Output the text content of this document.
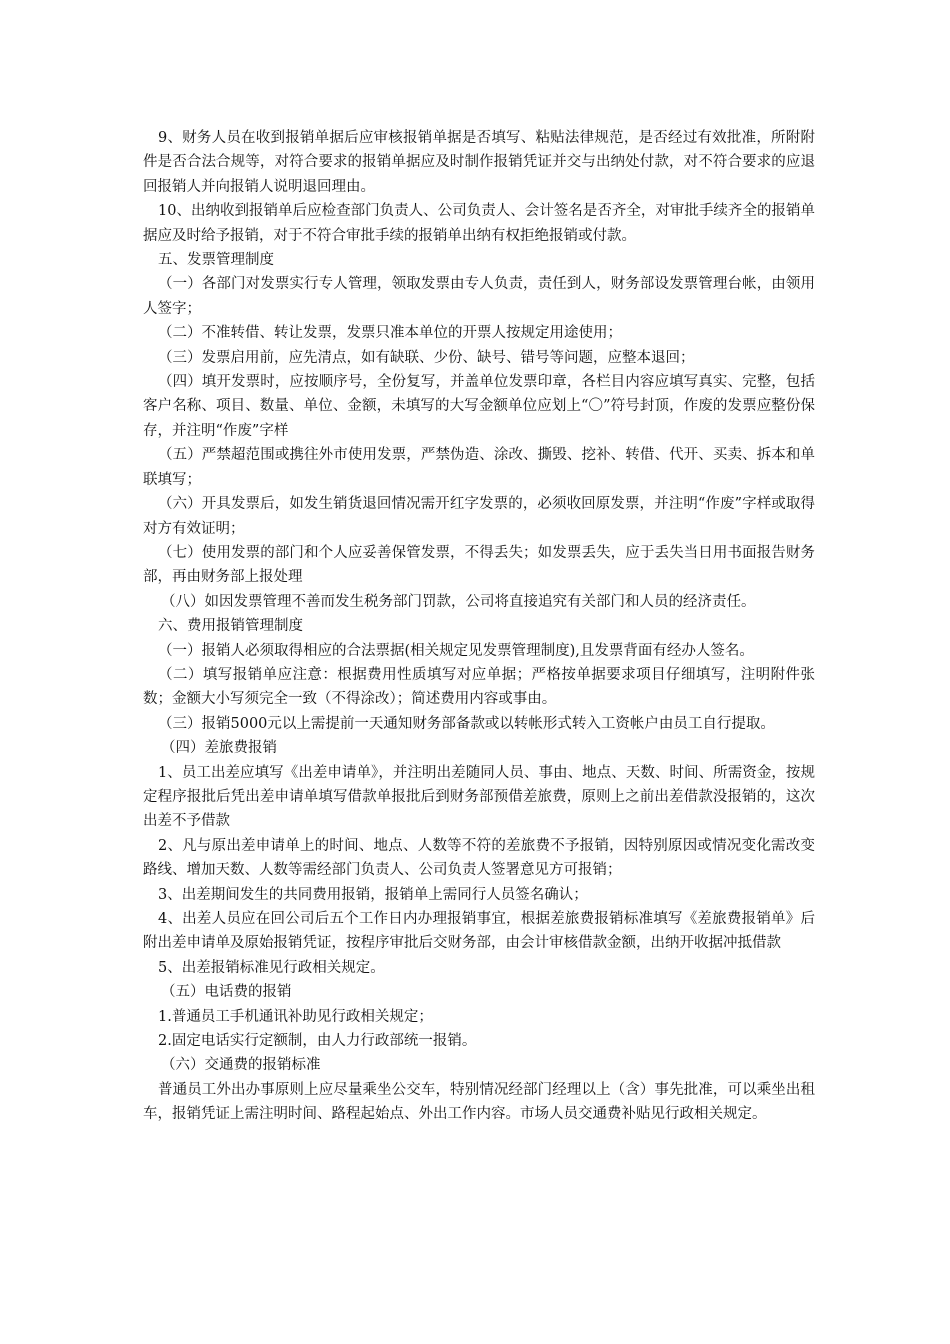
9、财务人员在收到报销单据后应审核报销单据是否填写、粘贴法律规范，是否经过有效批准，所附附件是否合法合规等，对符合要求的报销单据应及时制作报销凭证并交与出纳处付款，对不符合要求的应退回报销人并向报销人说明退回理由。

10、出纳收到报销单后应检查部门负责人、公司负责人、会计签名是否齐全，对审批手续齐全的报销单据应及时给予报销，对于不符合审批手续的报销单出纳有权拒绝报销或付款。

五、发票管理制度

（一）各部门对发票实行专人管理，领取发票由专人负责，责任到人，财务部设发票管理台帐，由领用人签字；

（二）不准转借、转让发票，发票只准本单位的开票人按规定用途使用；

（三）发票启用前，应先清点，如有缺联、少份、缺号、错号等问题，应整本退回；

（四）填开发票时，应按顺序号，全份复写，并盖单位发票印章，各栏目内容应填写真实、完整，包括客户名称、项目、数量、单位、金额，未填写的大写金额单位应划上“〇”符号封顶，作废的发票应整份保存，并注明“作废”字样

（五）严禁超范围或携往外市使用发票，严禁伪造、涂改、撕毁、挖补、转借、代开、买卖、拆本和单联填写；

（六）开具发票后，如发生销货退回情况需开红字发票的，必须收回原发票，并注明“作废”字样或取得对方有效证明；

（七）使用发票的部门和个人应妥善保管发票，不得丢失；如发票丢失，应于丢失当日用书面报告财务部，再由财务部上报处理

（八）如因发票管理不善而发生税务部门罚款，公司将直接追究有关部门和人员的经济责任。

六、费用报销管理制度

（一）报销人必须取得相应的合法票据(相关规定见发票管理制度),且发票背面有经办人签名。

（二）填写报销单应注意：根据费用性质填写对应单据；严格按单据要求项目仔细填写，注明附件张数；金额大小写须完全一致（不得涂改）；简述费用内容或事由。

（三）报销5000元以上需提前一天通知财务部备款或以转帐形式转入工资帐户由员工自行提取。

（四）差旅费报销

1、员工出差应填写《出差申请单》，并注明出差随同人员、事由、地点、天数、时间、所需资金，按规定程序报批后凭出差申请单填写借款单报批后到财务部预借差旅费，原则上之前出差借款没报销的，这次出差不予借款

2、凡与原出差申请单上的时间、地点、人数等不符的差旅费不予报销，因特别原因或情况变化需改变路线、增加天数、人数等需经部门负责人、公司负责人签署意见方可报销；

3、出差期间发生的共同费用报销，报销单上需同行人员签名确认；

4、出差人员应在回公司后五个工作日内办理报销事宜，根据差旅费报销标准填写《差旅费报销单》后附出差申请单及原始报销凭证，按程序审批后交财务部，由会计审核借款金额，出纳开收据冲抵借款

5、出差报销标准见行政相关规定。

（五）电话费的报销

1.普通员工手机通讯补助见行政相关规定；

2.固定电话实行定额制，由人力行政部统一报销。

（六）交通费的报销标准

普通员工外出办事原则上应尽量乘坐公交车，特别情况经部门经理以上（含）事先批准，可以乘坐出租车，报销凭证上需注明时间、路程起始点、外出工作内容。市场人员交通费补贴见行政相关规定。
